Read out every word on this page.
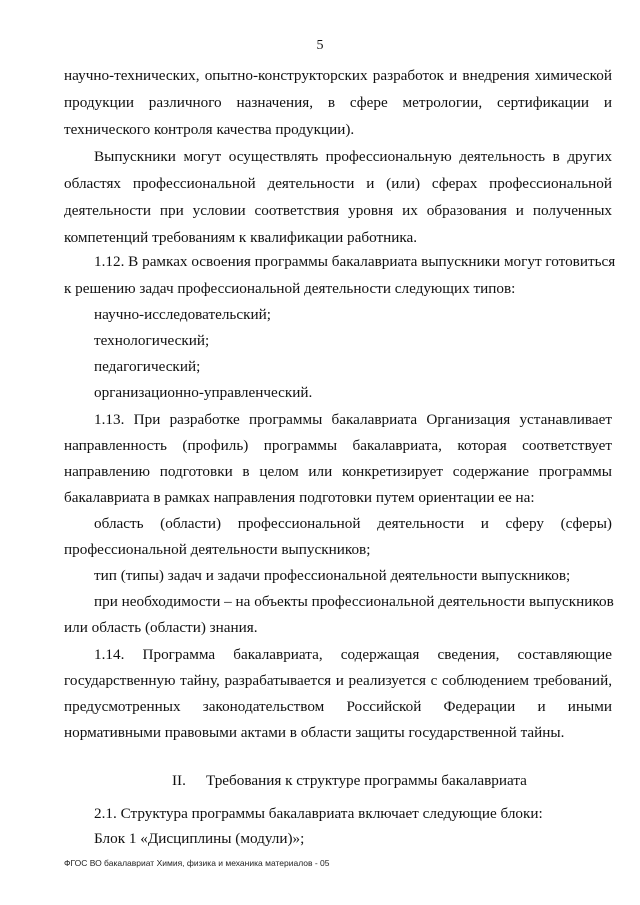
5
научно-технических, опытно-конструкторских разработок и внедрения химической
продукции различного назначения, в сфере метрологии, сертификации и
технического контроля качества продукции).
Выпускники могут осуществлять профессиональную деятельность в других
областях профессиональной деятельности и (или) сферах профессиональной
деятельности при условии соответствия уровня их образования и полученных
компетенций требованиям к квалификации работника.
1.12. В рамках освоения программы бакалавриата выпускники могут готовиться
к решению задач профессиональной деятельности следующих типов:
научно-исследовательский;
технологический;
педагогический;
организационно-управленческий.
1.13. При разработке программы бакалавриата Организация устанавливает
направленность (профиль) программы бакалавриата, которая соответствует
направлению подготовки в целом или конкретизирует содержание программы
бакалавриата в рамках направления подготовки путем ориентации ее на:
область (области) профессиональной деятельности и сферу (сферы)
профессиональной деятельности выпускников;
тип (типы) задач и задачи профессиональной деятельности выпускников;
при необходимости – на объекты профессиональной деятельности выпускников
или область (области) знания.
1.14. Программа бакалавриата, содержащая сведения, составляющие
государственную тайну, разрабатывается и реализуется с соблюдением требований,
предусмотренных законодательством Российской Федерации и иными
нормативными правовыми актами в области защиты государственной тайны.
II. Требования к структуре программы бакалавриата
2.1. Структура программы бакалавриата включает следующие блоки:
Блок 1 «Дисциплины (модули)»;
ФГОС ВО бакалавриат Химия, физика и механика материалов - 05
